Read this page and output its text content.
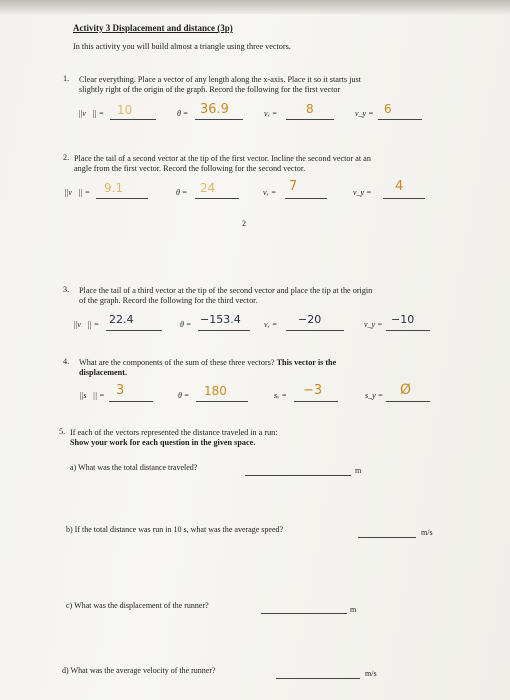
Activity 3 Displacement and distance (3p)
In this activity you will build almost a triangle using three vectors.
1. Clear everything. Place a vector of any length along the x-axis. Place it so it starts just
slightly right of the origin of the graph. Record the following for the first vector
||v⃗|| = 10	θ = 36.9	vₓ = 8	v_y = 6
2. Place the tail of a second vector at the tip of the first vector. Incline the second vector at an
angle from the first vector. Record the following for the second vector.
||v⃗|| = 9.1	θ = 24	vₓ = 7	v_y = 4
2
3. Place the tail of a third vector at the tip of the second vector and place the tip at the origin
of the graph. Record the following for the third vector.
||v⃗|| = 22.4	θ = −153.4	vₓ = −20	v_y = −10
4. What are the components of the sum of these three vectors? This vector is the
displacement.
||s⃗|| = 3	θ = 180	sₓ = −3	s_y = Ø
5. If each of the vectors represented the distance traveled in a run:
Show your work for each question in the given space.
a) What was the total distance traveled?	m
b) If the total distance was run in 10 s, what was the average speed?	m/s
c) What was the displacement of the runner?	m
d) What was the average velocity of the runner?	m/s
